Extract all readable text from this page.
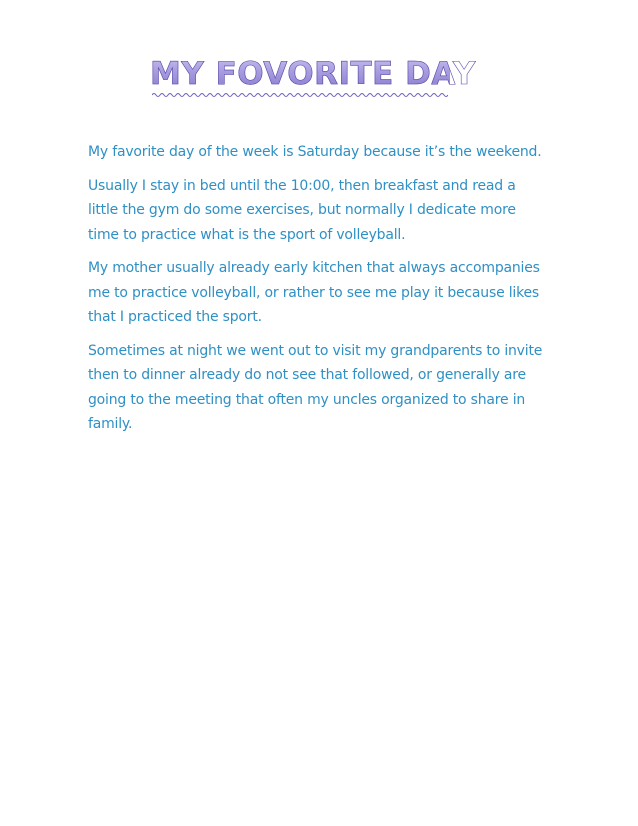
MY FOVORITE DAY

My favorite day of the week is Saturday because it’s the weekend.

Usually I stay in bed until the 10:00, then breakfast and read a
little the gym do some exercises, but normally I dedicate more
time to practice what is the sport of volleyball.

My mother usually already early kitchen that always accompanies
me to practice volleyball, or rather to see me play it because likes
that I practiced the sport.

Sometimes at night we went out to visit my grandparents to invite
then to dinner already do not see that followed, or generally are
going to the meeting that often my uncles organized to share in
family.
